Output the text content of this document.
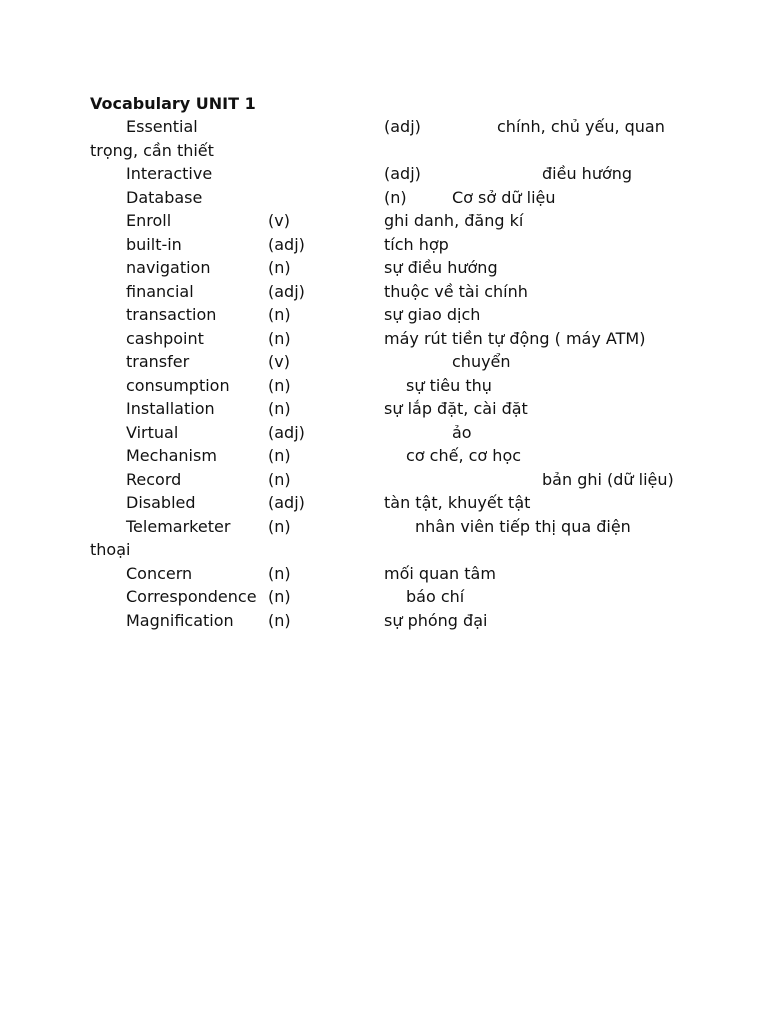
Vocabulary UNIT 1
Essential	(adj)	chính, chủ yếu, quan
trọng, cần thiết
Interactive	(adj)	điều hướng
Database	(n)	Cơ sở dữ liệu
Enroll	(v)	ghi danh, đăng kí
built-in	(adj)	tích hợp
navigation	(n)	sự điều hướng
financial	(adj)	thuộc về tài chính
transaction	(n)	sự giao dịch
cashpoint	(n)	máy rút tiền tự động ( máy ATM)
transfer	(v)	chuyển
consumption (n)	sự tiêu thụ
Installation	(n)	sự lắp đặt, cài đặt
Virtual	(adj)	ảo
Mechanism	(n)	cơ chế, cơ học
Record	(n)	bản ghi (dữ liệu)
Disabled	(adj)	tàn tật, khuyết tật
Telemarketer (n)	nhân viên tiếp thị qua điện
thoại
Concern	(n)	mối quan tâm
Correspondence (n)	báo chí
Magnification (n)	sự phóng đại
